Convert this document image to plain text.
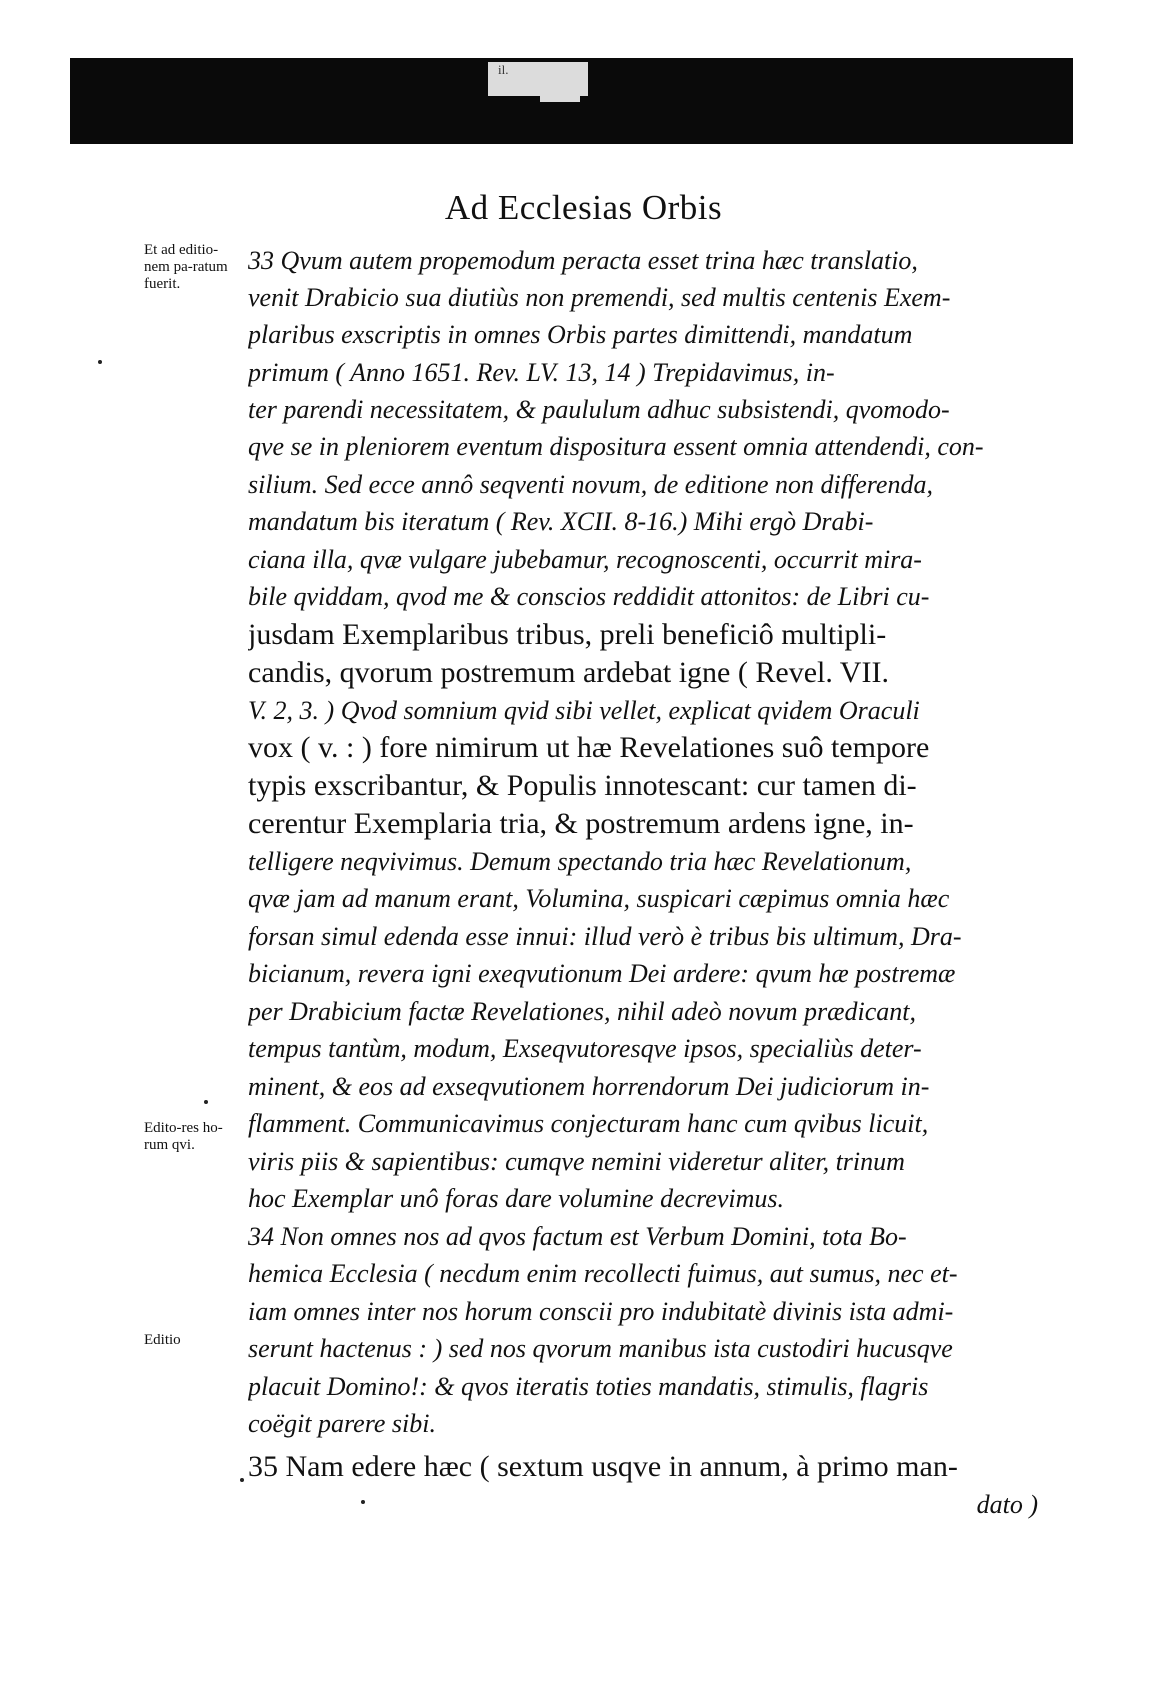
il.
Ad Ecclesias Orbis
Et ad editio-nem pa-ratum fuerit.
Edito-res ho-rum qvi.
Editio
33 Qvum autem propemodum peracta esset trina hæc translatio,
venit Drabicio sua diutiùs non premendi, sed multis centenis Exem-
plaribus exscriptis in omnes Orbis partes dimittendi, mandatum
primum ( Anno 1651. Rev. LV. 13, 14 ) Trepidavimus, in-
ter parendi necessitatem, & paululum adhuc subsistendi, qvomodo-
qve se in pleniorem eventum dispositura essent omnia attendendi, con-
silium. Sed ecce annô seqventi novum, de editione non differenda,
mandatum bis iteratum ( Rev. XCII. 8-16.) Mihi ergò Drabi-
ciana illa, qvæ vulgare jubebamur, recognoscenti, occurrit mira-
bile qviddam, qvod me & conscios reddidit attonitos: de Libri cu-
jusdam Exemplaribus tribus, preli beneficiô multipli-
candis, qvorum postremum ardebat igne ( Revel. VII.
V. 2, 3. ) Qvod somnium qvid sibi vellet, explicat qvidem Oraculi
vox ( v. : ) fore nimirum ut hæ Revelationes suô tempore
typis exscribantur, & Populis innotescant: cur tamen di-
cerentur Exemplaria tria, & postremum ardens igne, in-
telligere neqvivimus. Demum spectando tria hæc Revelationum,
qvæ jam ad manum erant, Volumina, suspicari cæpimus omnia hæc
forsan simul edenda esse innui: illud verò è tribus bis ultimum, Dra-
bicianum, revera igni exeqvutionum Dei ardere: qvum hæ postremæ
per Drabicium factæ Revelationes, nihil adeò novum prædicant,
tempus tantùm, modum, Exseqvutoresqve ipsos, specialiùs deter-
minent, & eos ad exseqvutionem horrendorum Dei judiciorum in-
flamment. Communicavimus conjecturam hanc cum qvibus licuit,
viris piis & sapientibus: cumqve nemini videretur aliter, trinum
hoc Exemplar unô foras dare volumine decrevimus.
34 Non omnes nos ad qvos factum est Verbum Domini, tota Bo-
hemica Ecclesia ( necdum enim recollecti fuimus, aut sumus, nec et-
iam omnes inter nos horum conscii pro indubitatè divinis ista admi-
serunt hactenus : ) sed nos qvorum manibus ista custodiri hucusqve
placuit Domino!: & qvos iteratis toties mandatis, stimulis, flagris
coëgit parere sibi.
35 Nam edere hæc ( sextum usqve in annum, à primo man-
dato )
